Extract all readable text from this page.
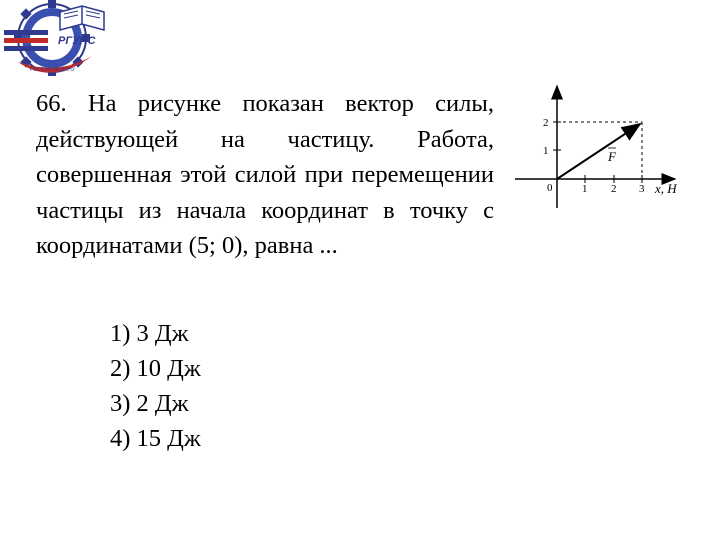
РГУПС
РОСТОВ-НА-ДОНУ

66. На рисунке показан вектор силы, действующей на частицу. Работа, совершенная этой силой при перемещении частицы из начала координат в точку с координатами (5; 0), равна ...

1) 3 Дж
2) 10 Дж
3) 2 Дж
4) 15 Дж
0	1 2 3
1
2
x, Н
F
